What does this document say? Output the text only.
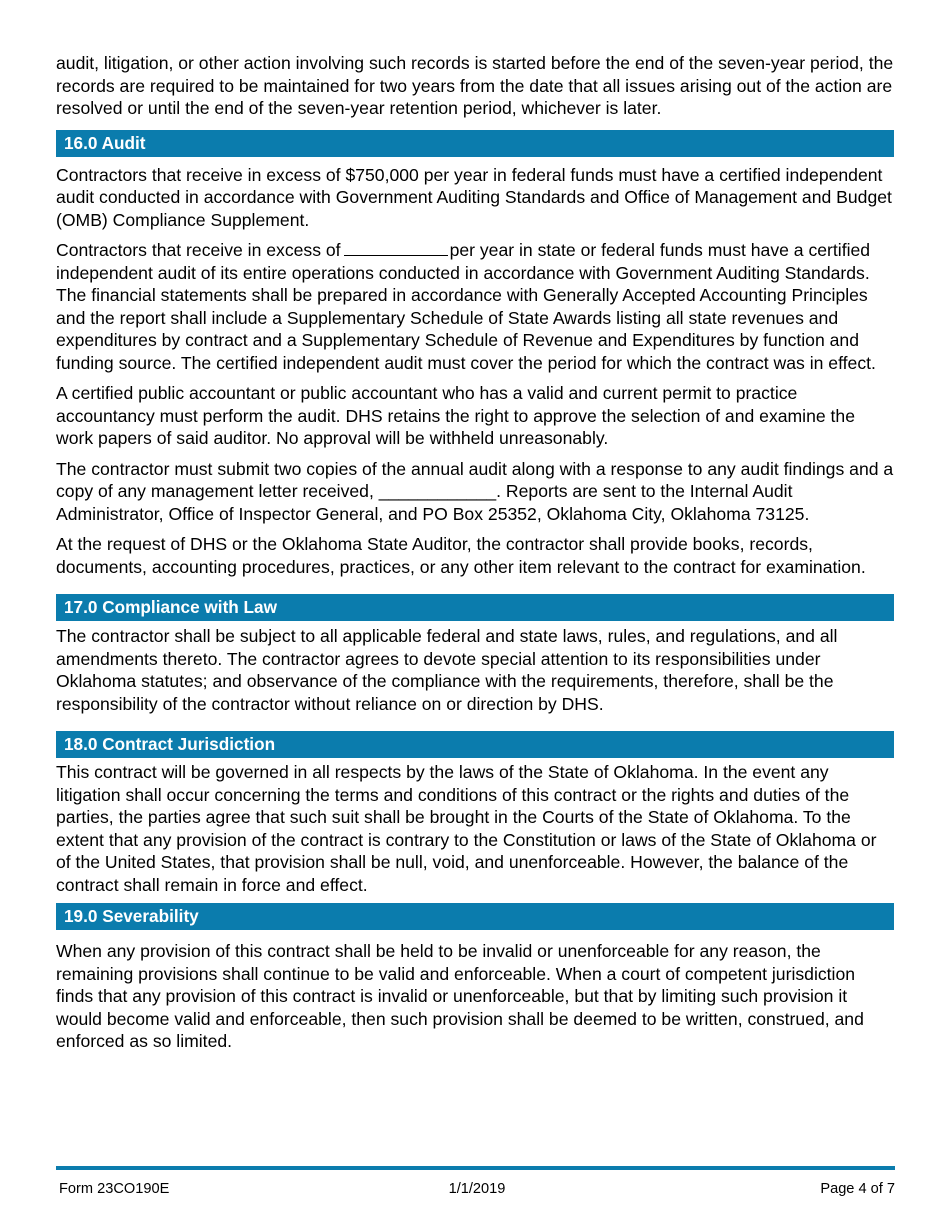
audit, litigation, or other action involving such records is started before the end of the seven-year period, the records are required to be maintained for two years from the date that all issues arising out of the action are resolved or until the end of the seven-year retention period, whichever is later.

16.0 Audit

Contractors that receive in excess of $750,000 per year in federal funds must have a certified independent audit conducted in accordance with Government Auditing Standards and Office of Management and Budget (OMB) Compliance Supplement.

Contractors that receive in excess of	per year in state or federal funds must have a certified independent audit of its entire operations conducted in accordance with Government Auditing Standards. The financial statements shall be prepared in accordance with Generally Accepted Accounting Principles and the report shall include a Supplementary Schedule of State Awards listing all state revenues and expenditures by contract and a Supplementary Schedule of Revenue and Expenditures by function and funding source. The certified independent audit must cover the period for which the contract was in effect.

A certified public accountant or public accountant who has a valid and current permit to practice accountancy must perform the audit. DHS retains the right to approve the selection of and examine the work papers of said auditor. No approval will be withheld unreasonably.

The contractor must submit two copies of the annual audit along with a response to any audit findings and a copy of any management letter received, ____________. Reports are sent to the Internal Audit Administrator, Office of Inspector General, and PO Box 25352, Oklahoma City, Oklahoma 73125.

At the request of DHS or the Oklahoma State Auditor, the contractor shall provide books, records, documents, accounting procedures, practices, or any other item relevant to the contract for examination.

17.0 Compliance with Law

The contractor shall be subject to all applicable federal and state laws, rules, and regulations, and all amendments thereto. The contractor agrees to devote special attention to its responsibilities under Oklahoma statutes; and observance of the compliance with the requirements, therefore, shall be the responsibility of the contractor without reliance on or direction by DHS.

18.0 Contract Jurisdiction

This contract will be governed in all respects by the laws of the State of Oklahoma. In the event any litigation shall occur concerning the terms and conditions of this contract or the rights and duties of the parties, the parties agree that such suit shall be brought in the Courts of the State of Oklahoma. To the extent that any provision of the contract is contrary to the Constitution or laws of the State of Oklahoma or of the United States, that provision shall be null, void, and unenforceable. However, the balance of the contract shall remain in force and effect.

19.0 Severability

When any provision of this contract shall be held to be invalid or unenforceable for any reason, the remaining provisions shall continue to be valid and enforceable. When a court of competent jurisdiction finds that any provision of this contract is invalid or unenforceable, but that by limiting such provision it would become valid and enforceable, then such provision shall be deemed to be written, construed, and enforced as so limited.

Form 23CO190E	1/1/2019	Page 4 of 7
